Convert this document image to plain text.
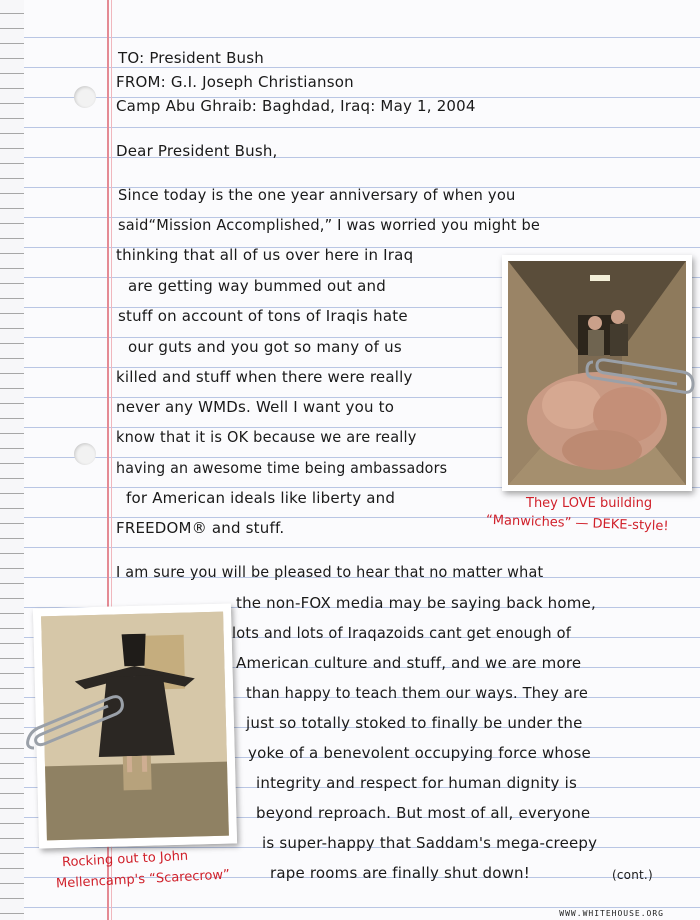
TO: President Bush
FROM: G.I. Joseph Christianson
Camp Abu Ghraib: Baghdad, Iraq: May 1, 2004
Dear President Bush,
Since today is the one year anniversary of when you
said“Mission Accomplished,” I was worried you might be
thinking that all of us over here in Iraq
are getting way bummed out and
stuff on account of tons of Iraqis hate
our guts and you got so many of us
killed and stuff when there were really
never any WMDs. Well I want you to
know that it is OK because we are really
having an awesome time being ambassadors
for American ideals like liberty and
FREEDOM® and stuff.
They LOVE building
“Manwiches” — DEKE-style!
I am sure you will be pleased to hear that no matter what
the non-FOX media may be saying back home,
lots and lots of Iraqazoids cant get enough of
American culture and stuff, and we are more
than happy to teach them our ways. They are
just so totally stoked to finally be under the
yoke of a benevolent occupying force whose
integrity and respect for human dignity is
beyond reproach. But most of all, everyone
is super-happy that Saddam's mega-creepy
rape rooms are finally shut down!	(cont.)
Rocking out to John
Mellencamp's “Scarecrow”
WWW.WHITEHOUSE.ORG
